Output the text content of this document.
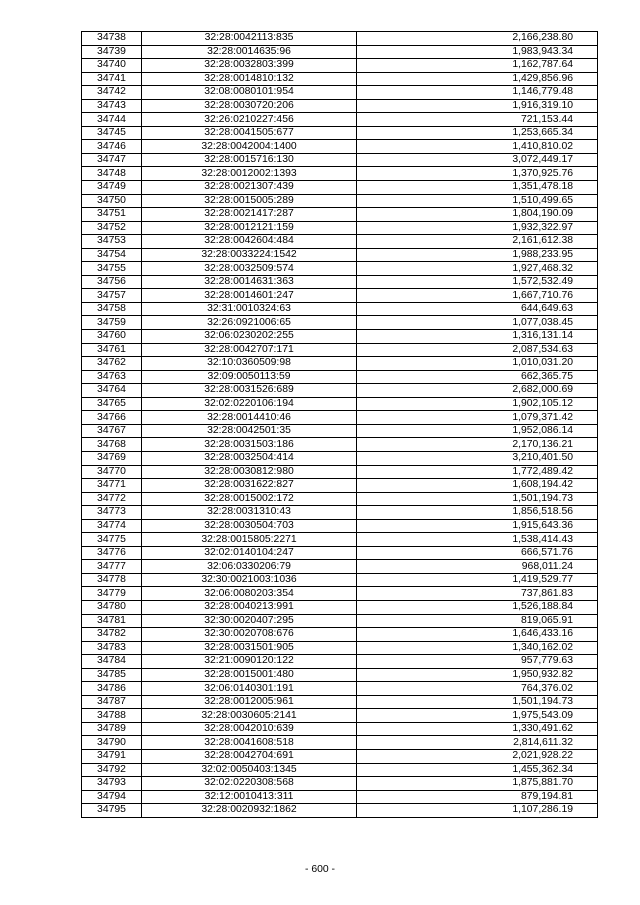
34738	32:28:0042113:835	2,166,238.80
34739	32:28:0014635:96	1,983,943.34
34740	32:28:0032803:399	1,162,787.64
34741	32:28:0014810:132	1,429,856.96
34742	32:08:0080101:954	1,146,779.48
34743	32:28:0030720:206	1,916,319.10
34744	32:26:0210227:456	721,153.44
34745	32:28:0041505:677	1,253,665.34
34746	32:28:0042004:1400	1,410,810.02
34747	32:28:0015716:130	3,072,449.17
34748	32:28:0012002:1393	1,370,925.76
34749	32:28:0021307:439	1,351,478.18
34750	32:28:0015005:289	1,510,499.65
34751	32:28:0021417:287	1,804,190.09
34752	32:28:0012121:159	1,932,322.97
34753	32:28:0042604:484	2,161,612.38
34754	32:28:0033224:1542	1,988,233.95
34755	32:28:0032509:574	1,927,468.32
34756	32:28:0014631:363	1,572,532.49
34757	32:28:0014601:247	1,667,710.76
34758	32:31:0010324:63	644,649.63
34759	32:26:0921006:65	1,077,038.45
34760	32:06:0230202:255	1,316,131.14
34761	32:28:0042707:171	2,087,534.63
34762	32:10:0360509:98	1,010,031.20
34763	32:09:0050113:59	662,365.75
34764	32:28:0031526:689	2,682,000.69
34765	32:02:0220106:194	1,902,105.12
34766	32:28:0014410:46	1,079,371.42
34767	32:28:0042501:35	1,952,086.14
34768	32:28:0031503:186	2,170,136.21
34769	32:28:0032504:414	3,210,401.50
34770	32:28:0030812:980	1,772,489.42
34771	32:28:0031622:827	1,608,194.42
34772	32:28:0015002:172	1,501,194.73
34773	32:28:0031310:43	1,856,518.56
34774	32:28:0030504:703	1,915,643.36
34775	32:28:0015805:2271	1,538,414.43
34776	32:02:0140104:247	666,571.76
34777	32:06:0330206:79	968,011.24
34778	32:30:0021003:1036	1,419,529.77
34779	32:06:0080203:354	737,861.83
34780	32:28:0040213:991	1,526,188.84
34781	32:30:0020407:295	819,065.91
34782	32:30:0020708:676	1,646,433.16
34783	32:28:0031501:905	1,340,162.02
34784	32:21:0090120:122	957,779.63
34785	32:28:0015001:480	1,950,932.82
34786	32:06:0140301:191	764,376.02
34787	32:28:0012005:961	1,501,194.73
34788	32:28:0030605:2141	1,975,543.09
34789	32:28:0042010:639	1,330,491.62
34790	32:28:0041608:518	2,814,611.32
34791	32:28:0042704:691	2,021,928.22
34792	32:02:0050403:1345	1,455,362.34
34793	32:02:0220308:568	1,875,881.70
34794	32:12:0010413:311	879,194.81
34795	32:28:0020932:1862	1,107,286.19
- 600 -
